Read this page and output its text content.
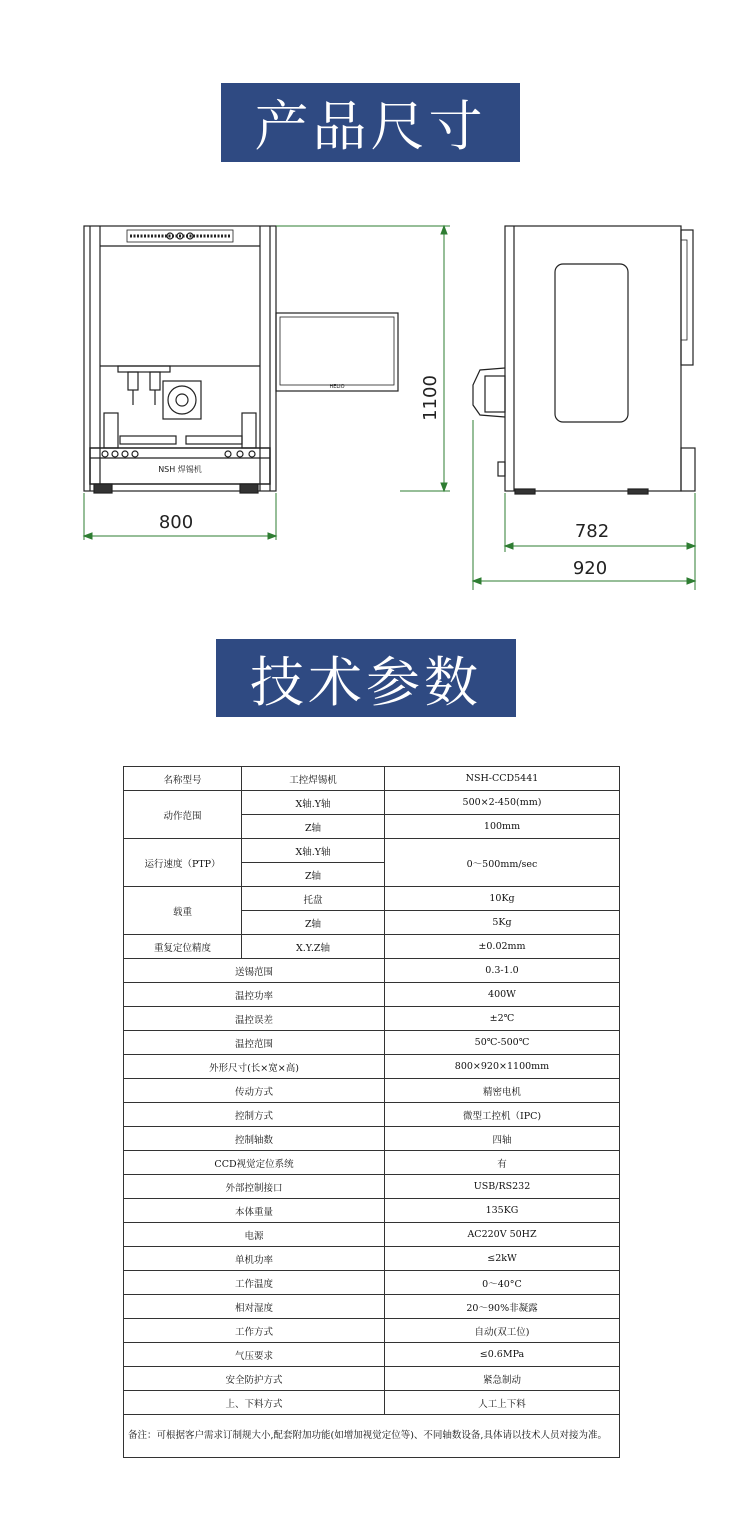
产品尺寸
NSH 焊锡机
HELIO
800
1100
782
920
技术参数
名称型号	工控焊锡机	NSH-CCD5441
动作范围	X轴.Y轴	500×2-450(mm)
	Z轴	100mm
运行速度（PTP）	X轴.Y轴	0～500mm/sec
	Z轴	
载重	托盘	10Kg
	Z轴	5Kg
重复定位精度	X.Y.Z轴	±0.02mm
送锡范围		0.3-1.0
温控功率		400W
温控误差		±2℃
温控范围		50℃-500℃
外形尺寸(长×宽×高)		800×920×1100mm
传动方式		精密电机
控制方式		微型工控机（IPC)
控制轴数		四轴
CCD视觉定位系统		有
外部控制接口		USB/RS232
本体重量		135KG
电源		AC220V 50HZ
单机功率		≤2kW
工作温度		0～40°C
相对湿度		20～90%非凝露
工作方式		自动(双工位)
气压要求		≤0.6MPa
安全防护方式		紧急制动
上、下料方式		人工上下料
备注：可根据客户需求订制规大小,配套附加功能(如增加视觉定位等)、不同轴数设备,具体请以技术人员对接为准。		
